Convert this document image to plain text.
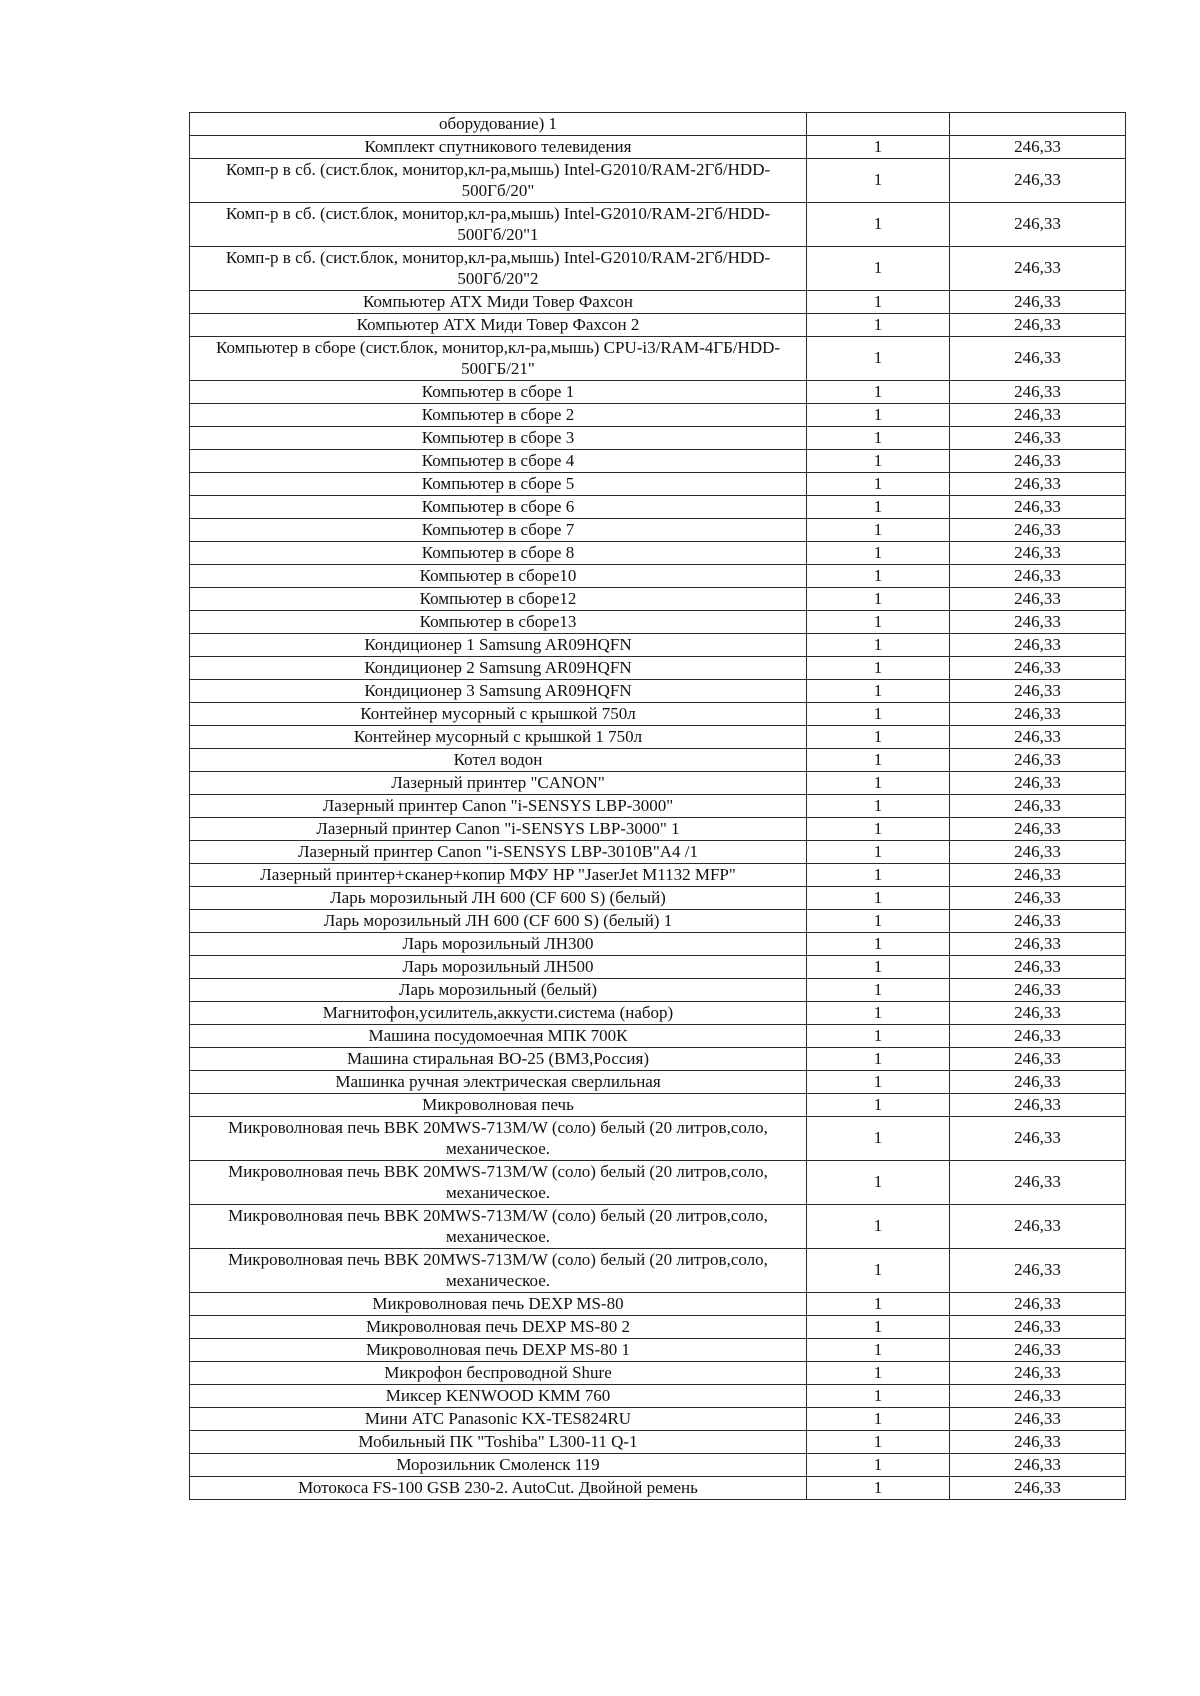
оборудование) 1		
Комплект спутникового телевидения	1	246,33
Комп-р в сб. (сист.блок, монитор,кл-ра,мышь) Intel-G2010/RAM-2Гб/HDD-500Гб/20"	1	246,33
Комп-р в сб. (сист.блок, монитор,кл-ра,мышь) Intel-G2010/RAM-2Гб/HDD-500Гб/20"1	1	246,33
Комп-р в сб. (сист.блок, монитор,кл-ра,мышь) Intel-G2010/RAM-2Гб/HDD-500Гб/20"2	1	246,33
Компьютер ATX Миди Товер Фахсон	1	246,33
Компьютер ATX Миди Товер Фахсон 2	1	246,33
Компьютер в сборе (сист.блок, монитор,кл-ра,мышь) CPU-i3/RAM-4ГБ/HDD-500ГБ/21"	1	246,33
Компьютер в сборе 1	1	246,33
Компьютер в сборе 2	1	246,33
Компьютер в сборе 3	1	246,33
Компьютер в сборе 4	1	246,33
Компьютер в сборе 5	1	246,33
Компьютер в сборе 6	1	246,33
Компьютер в сборе 7	1	246,33
Компьютер в сборе 8	1	246,33
Компьютер в сборе10	1	246,33
Компьютер в сборе12	1	246,33
Компьютер в сборе13	1	246,33
Кондиционер 1 Samsung AR09HQFN	1	246,33
Кондиционер 2 Samsung AR09HQFN	1	246,33
Кондиционер 3 Samsung AR09HQFN	1	246,33
Контейнер мусорный с крышкой 750л	1	246,33
Контейнер мусорный с крышкой 1 750л	1	246,33
Котел водон	1	246,33
Лазерный принтер "CANON"	1	246,33
Лазерный принтер Canon "i-SENSYS LBP-3000"	1	246,33
Лазерный принтер Canon "i-SENSYS LBP-3000" 1	1	246,33
Лазерный принтер Canon "i-SENSYS LBP-3010B"A4 /1	1	246,33
Лазерный принтер+сканер+копир МФУ HP "JaserJet M1132 MFP"	1	246,33
Ларь морозильный ЛН 600 (CF 600 S) (белый)	1	246,33
Ларь морозильный ЛН 600 (CF 600 S) (белый) 1	1	246,33
Ларь морозильный ЛН300	1	246,33
Ларь морозильный ЛН500	1	246,33
Ларь морозильный (белый)	1	246,33
Магнитофон,усилитель,аккусти.система (набор)	1	246,33
Машина посудомоечная МПК 700К	1	246,33
Машина стиральная ВО-25 (ВМЗ,Россия)	1	246,33
Машинка ручная электрическая сверлильная	1	246,33
Микроволновая печь	1	246,33
Микроволновая печь BBK 20MWS-713M/W (соло) белый (20 литров,соло, механическое.	1	246,33
Микроволновая печь BBK 20MWS-713M/W (соло) белый (20 литров,соло, механическое.	1	246,33
Микроволновая печь BBK 20MWS-713M/W (соло) белый (20 литров,соло, механическое.	1	246,33
Микроволновая печь BBK 20MWS-713M/W (соло) белый (20 литров,соло, механическое.	1	246,33
Микроволновая печь DEXP MS-80	1	246,33
Микроволновая печь DEXP MS-80 2	1	246,33
Микроволновая печь DEXP MS-80 1	1	246,33
Микрофон беспроводной Shure	1	246,33
Миксер KENWOOD KMM 760	1	246,33
Мини АТС Panasonic KX-TES824RU	1	246,33
Мобильный ПК "Toshiba" L300-11 Q-1	1	246,33
Морозильник Смоленск 119	1	246,33
Мотокоса FS-100 GSB 230-2. AutoCut. Двойной ремень	1	246,33
